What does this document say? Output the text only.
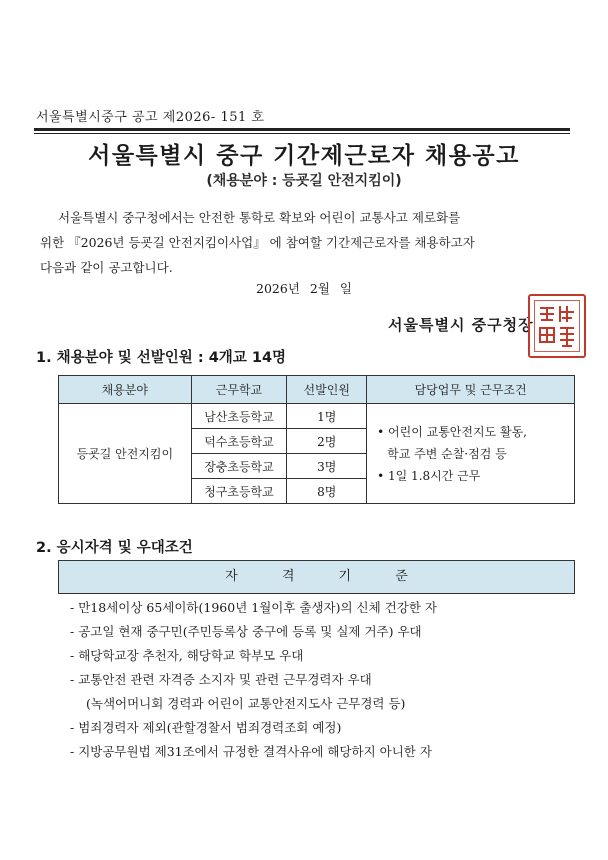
서울특별시중구 공고 제2026- 151 호
서울특별시 중구 기간제근로자 채용공고
(채용분야 : 등굣길 안전지킴이)

서울특별시 중구청에서는 안전한 통학로 확보와 어린이 교통사고 제로화를

위한 『2026년 등굣길 안전지킴이사업』 에 참여할 기간제근로자를 채용하고자

다음과 같이 공고합니다.

2026년 2월 일
서울특별시 중구청장
1. 채용분야 및 선발인원 : 4개교 14명
채용분야	근무학교	선발인원	담당업무 및 근무조건
등굣길 안전지킴이	남산초등학교	1명	• 어린이 교통안전지도 활동,
학교 주변 순찰·점검 등
• 1일 1.8시간 근무

	덕수초등학교	2명	
	장충초등학교	3명	
	청구초등학교	8명	
2. 응시자격 및 우대조건
자 격 기 준
- 만18세이상 65세이하(1960년 1월이후 출생자)의 신체 건강한 자
- 공고일 현재 중구민(주민등록상 중구에 등록 및 실제 거주) 우대
- 해당학교장 추천자, 해당학교 학부모 우대
- 교통안전 관련 자격증 소지자 및 관련 근무경력자 우대
(녹색어머니회 경력과 어린이 교통안전지도사 근무경력 등)
- 범죄경력자 제외(관할경찰서 범죄경력조회 예정)
- 지방공무원법 제31조에서 규정한 결격사유에 해당하지 아니한 자
